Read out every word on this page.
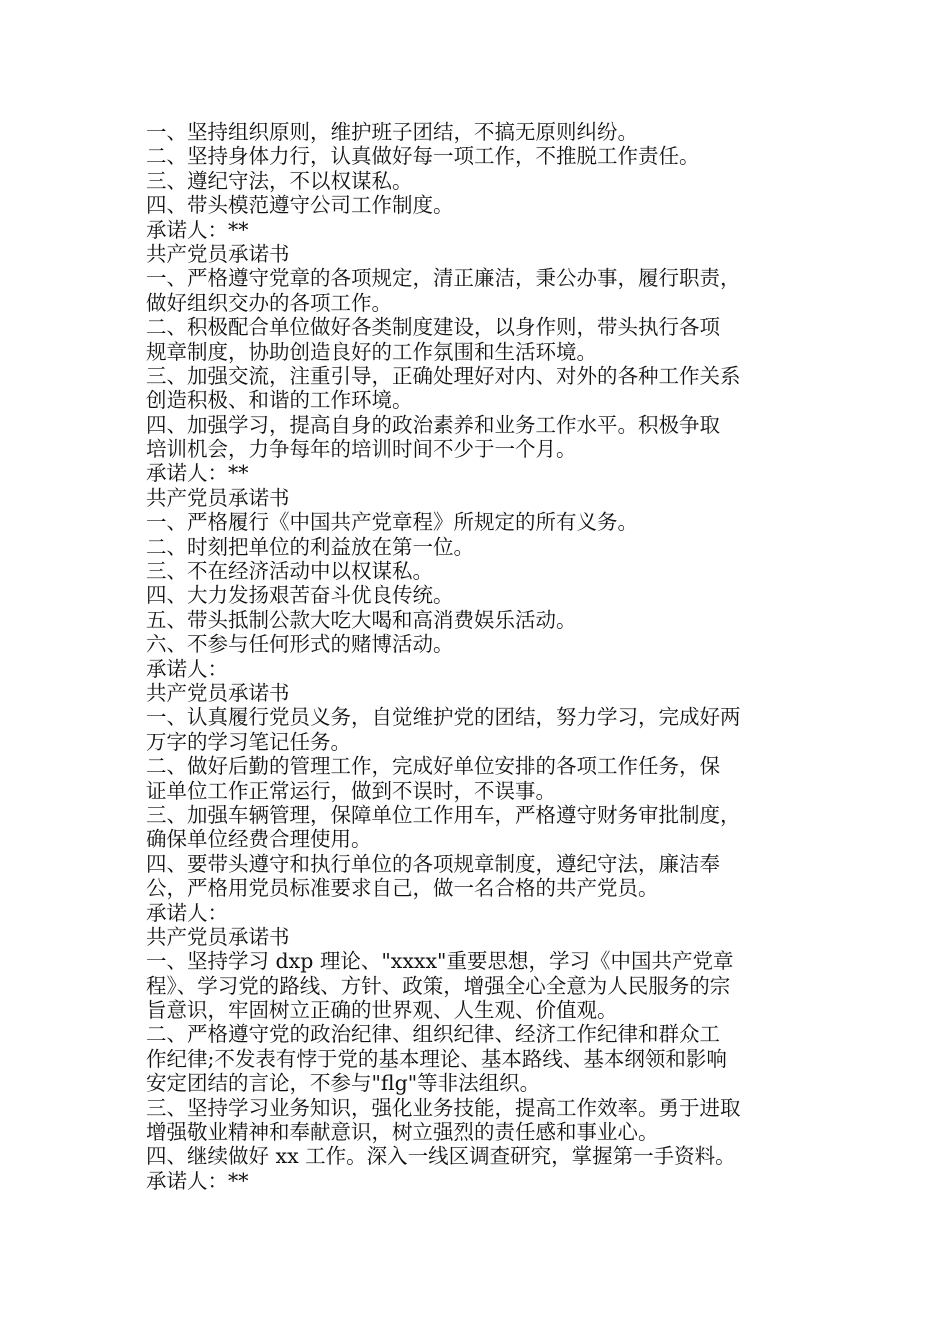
一、坚持组织原则，维护班子团结，不搞无原则纠纷。
二、坚持身体力行，认真做好每一项工作，不推脱工作责任。
三、遵纪守法，不以权谋私。
四、带头模范遵守公司工作制度。
承诺人：**
共产党员承诺书
一、严格遵守党章的各项规定，清正廉洁，秉公办事，履行职责，
做好组织交办的各项工作。
二、积极配合单位做好各类制度建设，以身作则，带头执行各项
规章制度，协助创造良好的工作氛围和生活环境。
三、加强交流，注重引导，正确处理好对内、对外的各种工作关系
创造积极、和谐的工作环境。
四、加强学习，提高自身的政治素养和业务工作水平。积极争取
培训机会，力争每年的培训时间不少于一个月。
承诺人：**
共产党员承诺书
一、严格履行《中国共产党章程》所规定的所有义务。
二、时刻把单位的利益放在第一位。
三、不在经济活动中以权谋私。
四、大力发扬艰苦奋斗优良传统。
五、带头抵制公款大吃大喝和高消费娱乐活动。
六、不参与任何形式的赌博活动。
承诺人：
共产党员承诺书
一、认真履行党员义务，自觉维护党的团结，努力学习，完成好两
万字的学习笔记任务。
二、做好后勤的管理工作，完成好单位安排的各项工作任务，保
证单位工作正常运行，做到不误时，不误事。
三、加强车辆管理，保障单位工作用车，严格遵守财务审批制度，
确保单位经费合理使用。
四、要带头遵守和执行单位的各项规章制度，遵纪守法，廉洁奉
公，严格用党员标准要求自己，做一名合格的共产党员。
承诺人：
共产党员承诺书
一、坚持学习 dxp 理论、"xxxx"重要思想，学习《中国共产党章
程》、学习党的路线、方针、政策，增强全心全意为人民服务的宗
旨意识，牢固树立正确的世界观、人生观、价值观。
二、严格遵守党的政治纪律、组织纪律、经济工作纪律和群众工
作纪律;不发表有悖于党的基本理论、基本路线、基本纲领和影响
安定团结的言论，不参与"flg"等非法组织。
三、坚持学习业务知识，强化业务技能，提高工作效率。勇于进取
增强敬业精神和奉献意识，树立强烈的责任感和事业心。
四、继续做好 xx 工作。深入一线区调查研究，掌握第一手资料。
承诺人：**
